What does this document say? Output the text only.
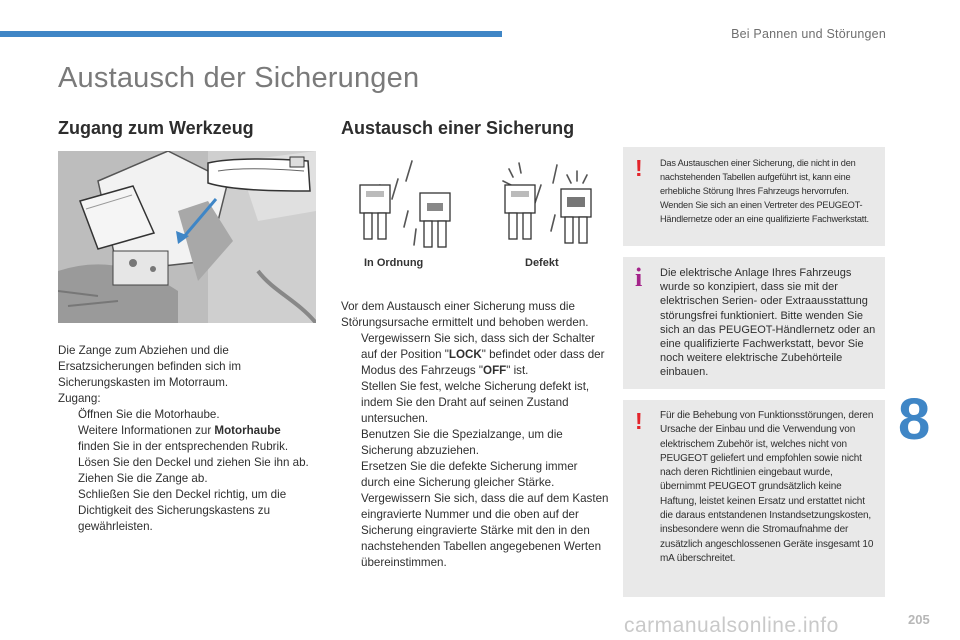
Bei Pannen und Störungen
Austausch der Sicherungen
Zugang zum Werkzeug

Die Zange zum Abziehen und die Ersatzsicherungen befinden sich im Sicherungskasten im Motorraum.

Zugang:

Öffnen Sie die Motorhaube.
Weitere Informationen zur Motorhaube finden Sie in der entsprechenden Rubrik.

Lösen Sie den Deckel und ziehen Sie ihn ab.

Ziehen Sie die Zange ab.

Schließen Sie den Deckel richtig, um die Dichtigkeit des Sicherungskastens zu gewährleisten.

Austausch einer Sicherung
In Ordnung	Defekt

Vor dem Austausch einer Sicherung muss die Störungsursache ermittelt und behoben werden.

Vergewissern Sie sich, dass sich der Schalter auf der Position "LOCK" befindet oder dass der Modus des Fahrzeugs "OFF" ist.

Stellen Sie fest, welche Sicherung defekt ist, indem Sie den Draht auf seinen Zustand untersuchen.

Benutzen Sie die Spezialzange, um die Sicherung abzuziehen.

Ersetzen Sie die defekte Sicherung immer durch eine Sicherung gleicher Stärke.

Vergewissern Sie sich, dass die auf dem Kasten eingravierte Nummer und die oben auf der Sicherung eingravierte Stärke mit den in den nachstehenden Tabellen angegebenen Werten übereinstimmen.

! Das Austauschen einer Sicherung, die nicht in den nachstehenden Tabellen aufgeführt ist, kann eine erhebliche Störung Ihres Fahrzeugs hervorrufen. Wenden Sie sich an einen Vertreter des PEUGEOT-Händlernetze oder an eine qualifizierte Fachwerkstatt.
i Die elektrische Anlage Ihres Fahrzeugs wurde so konzipiert, dass sie mit der elektrischen Serien- oder Extraausstattung störungsfrei funktioniert. Bitte wenden Sie sich an das PEUGEOT-Händlernetz oder an eine qualifizierte Fachwerkstatt, bevor Sie noch weitere elektrische Zubehörteile einbauen.
! Für die Behebung von Funktionsstörungen, deren Ursache der Einbau und die Verwendung von elektrischem Zubehör ist, welches nicht von PEUGEOT geliefert und empfohlen sowie nicht nach deren Richtlinien eingebaut wurde, übernimmt PEUGEOT grundsätzlich keine Haftung, leistet keinen Ersatz und erstattet nicht die daraus entstandenen Instandsetzungskosten, insbesondere wenn die Stromaufnahme der zusätzlich angeschlossenen Geräte insgesamt 10 mA überschreitet.
8
carmanualsonline.info	205
